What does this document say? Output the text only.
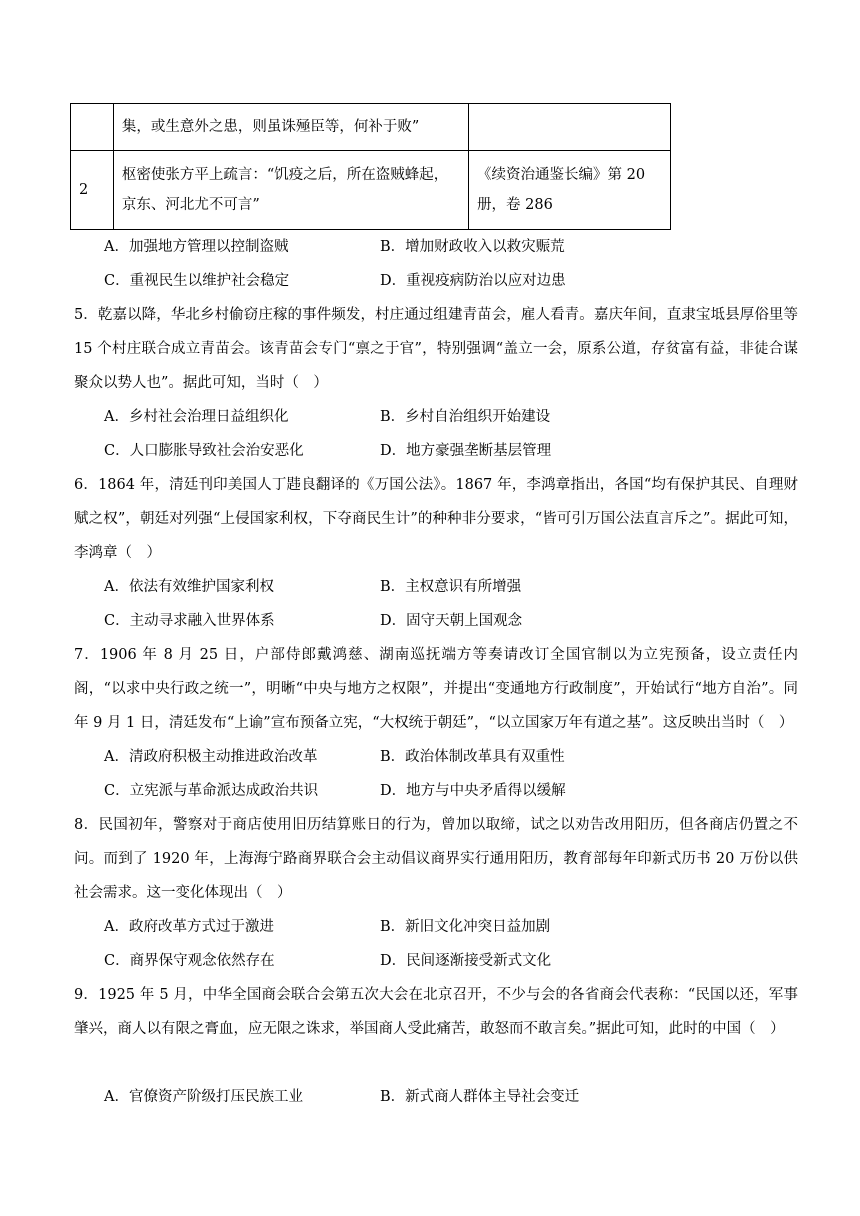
	集，或生意外之患，则虽诛殛臣等，何补于败”	
2	枢密使张方平上疏言：“饥疫之后，所在盗贼蜂起，京东、河北尤不可言”	《续资治通鉴长编》第 20 册，卷 286
A．加强地方管理以控制盗贼	B．增加财政收入以救灾赈荒
C．重视民生以维护社会稳定	D．重视疫病防治以应对边患
5．乾嘉以降，华北乡村偷窃庄稼的事件频发，村庄通过组建青苗会，雇人看青。嘉庆年间，直隶宝坻县厚俗里等 15 个村庄联合成立青苗会。该青苗会专门“禀之于官”，特别强调“盖立一会，原系公道，存贫富有益，非徒合谋聚众以势人也”。据此可知，当时（　）
A．乡村社会治理日益组织化	B．乡村自治组织开始建设
C．人口膨胀导致社会治安恶化	D．地方豪强垄断基层管理
6．1864 年，清廷刊印美国人丁韪良翻译的《万国公法》。1867 年，李鸿章指出，各国“均有保护其民、自理财赋之权”，朝廷对列强“上侵国家利权，下夺商民生计”的种种非分要求，“皆可引万国公法直言斥之”。据此可知，李鸿章（　）
A．依法有效维护国家利权	B．主权意识有所增强
C．主动寻求融入世界体系	D．固守天朝上国观念
7．1906 年 8 月 25 日，户部侍郎戴鸿慈、湖南巡抚端方等奏请改订全国官制以为立宪预备，设立责任内阁，“以求中央行政之统一”，明晰“中央与地方之权限”，并提出“变通地方行政制度”，开始试行“地方自治”。同年 9 月 1 日，清廷发布“上谕”宣布预备立宪，“大权统于朝廷”，“以立国家万年有道之基”。这反映出当时（　）
A．清政府积极主动推进政治改革	B．政治体制改革具有双重性
C．立宪派与革命派达成政治共识	D．地方与中央矛盾得以缓解
8．民国初年，警察对于商店使用旧历结算账日的行为，曾加以取缔，试之以劝告改用阳历，但各商店仍置之不问。而到了 1920 年，上海海宁路商界联合会主动倡议商界实行通用阳历，教育部每年印新式历书 20 万份以供社会需求。这一变化体现出（　）
A．政府改革方式过于激进	B．新旧文化冲突日益加剧
C．商界保守观念依然存在	D．民间逐渐接受新式文化
9．1925 年 5 月，中华全国商会联合会第五次大会在北京召开，不少与会的各省商会代表称：“民国以还，军事肇兴，商人以有限之膏血，应无限之诛求，举国商人受此痛苦，敢怒而不敢言矣。”据此可知，此时的中国（　）
A．官僚资产阶级打压民族工业	B．新式商人群体主导社会变迁
